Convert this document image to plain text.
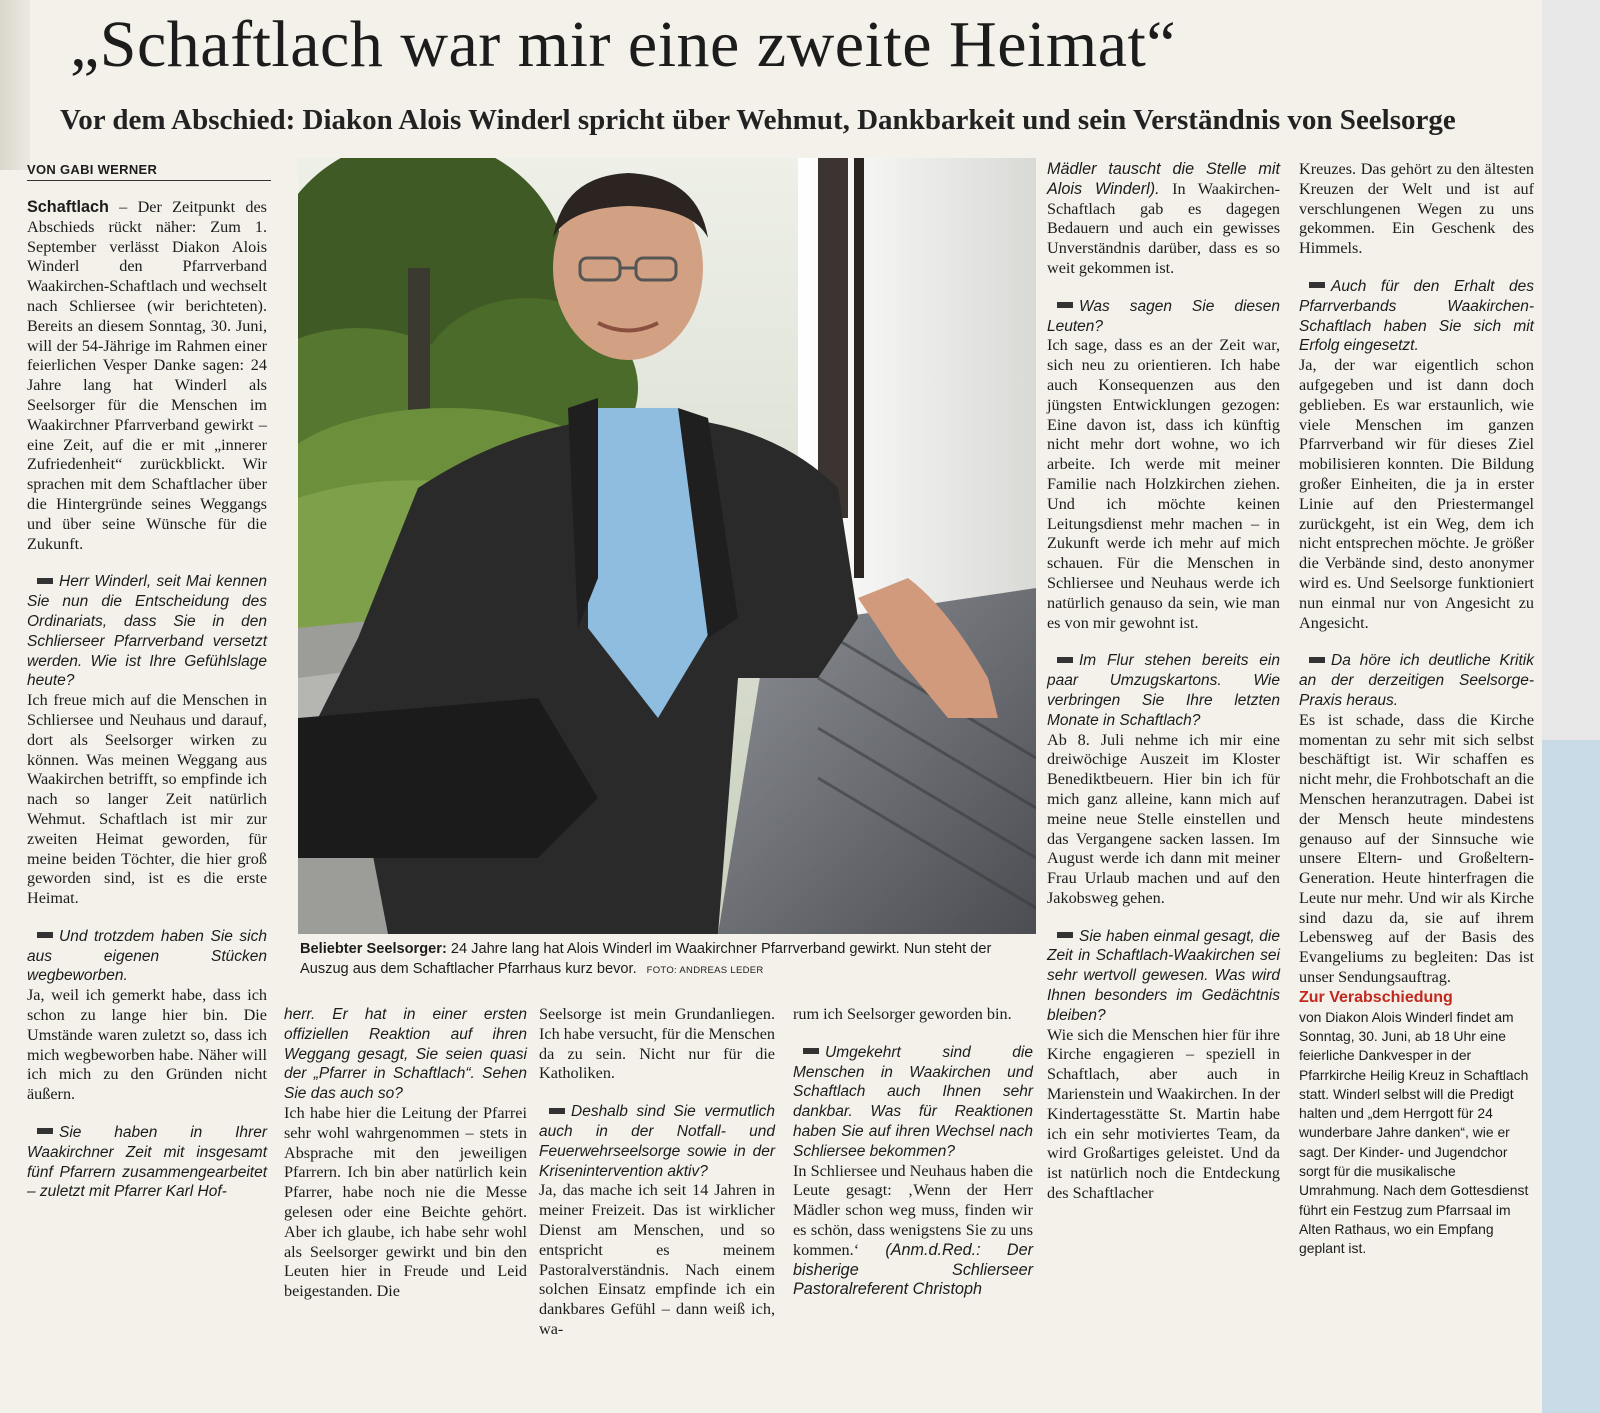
„Schaftlach war mir eine zweite Heimat“
Vor dem Abschied: Diakon Alois Winderl spricht über Wehmut, Dankbarkeit und sein Verständnis von Seelsorge
VON GABI WERNER

Schaftlach – Der Zeitpunkt des Abschieds rückt näher: Zum 1. September verlässt Diakon Alois Winderl den Pfarrverband Waakirchen-Schaftlach und wechselt nach Schliersee (wir berichteten). Bereits an diesem Sonntag, 30. Juni, will der 54-Jährige im Rahmen einer feierlichen Vesper Danke sagen: 24 Jahre lang hat Winderl als Seelsorger für die Menschen im Waakirchner Pfarrverband gewirkt – eine Zeit, auf die er mit „innerer Zufriedenheit“ zurückblickt. Wir sprachen mit dem Schaftlacher über die Hintergründe seines Weggangs und über seine Wünsche für die Zukunft.

Herr Winderl, seit Mai kennen Sie nun die Entscheidung des Ordinariats, dass Sie in den Schlierseer Pfarrverband versetzt werden. Wie ist Ihre Gefühlslage heute?

Ich freue mich auf die Menschen in Schliersee und Neuhaus und darauf, dort als Seelsorger wirken zu können. Was meinen Weggang aus Waakirchen betrifft, so empfinde ich nach so langer Zeit natürlich Wehmut. Schaftlach ist mir zur zweiten Heimat geworden, für meine beiden Töchter, die hier groß geworden sind, ist es die erste Heimat.

Und trotzdem haben Sie sich aus eigenen Stücken wegbeworben.

Ja, weil ich gemerkt habe, dass ich schon zu lange hier bin. Die Umstände waren zuletzt so, dass ich mich wegbeworben habe. Näher will ich mich zu den Gründen nicht äußern.

Sie haben in Ihrer Waakirchner Zeit mit insgesamt fünf Pfarrern zusammengearbeitet – zuletzt mit Pfarrer Karl Hof-

Beliebter Seelsorger: 24 Jahre lang hat Alois Winderl im Waakirchner Pfarrverband gewirkt. Nun steht der Auszug aus dem Schaftlacher Pfarrhaus kurz bevor. FOTO: ANDREAS LEDER

herr. Er hat in einer ersten offiziellen Reaktion auf ihren Weggang gesagt, Sie seien quasi der „Pfarrer in Schaftlach“. Sehen Sie das auch so?

Ich habe hier die Leitung der Pfarrei sehr wohl wahrgenommen – stets in Absprache mit den jeweiligen Pfarrern. Ich bin aber natürlich kein Pfarrer, habe noch nie die Messe gelesen oder eine Beichte gehört. Aber ich glaube, ich habe sehr wohl als Seelsorger gewirkt und bin den Leuten hier in Freude und Leid beigestanden. Die

Seelsorge ist mein Grundanliegen. Ich habe versucht, für die Menschen da zu sein. Nicht nur für die Katholiken.

Deshalb sind Sie vermutlich auch in der Notfall- und Feuerwehrseelsorge sowie in der Krisenintervention aktiv?

Ja, das mache ich seit 14 Jahren in meiner Freizeit. Das ist wirklicher Dienst am Menschen, und so entspricht es meinem Pastoralverständnis. Nach einem solchen Einsatz empfinde ich ein dankbares Gefühl – dann weiß ich, wa-

rum ich Seelsorger geworden bin.

Umgekehrt sind die Menschen in Waakirchen und Schaftlach auch Ihnen sehr dankbar. Was für Reaktionen haben Sie auf ihren Wechsel nach Schliersee bekommen?

In Schliersee und Neuhaus haben die Leute gesagt: ‚Wenn der Herr Mädler schon weg muss, finden wir es schön, dass wenigstens Sie zu uns kommen.‘ (Anm.d.Red.: Der bisherige Schlierseer Pastoralreferent Christoph

Mädler tauscht die Stelle mit Alois Winderl). In Waakirchen-Schaftlach gab es dagegen Bedauern und auch ein gewisses Unverständnis darüber, dass es so weit gekommen ist.

Was sagen Sie diesen Leuten?

Ich sage, dass es an der Zeit war, sich neu zu orientieren. Ich habe auch Konsequenzen aus den jüngsten Entwicklungen gezogen: Eine davon ist, dass ich künftig nicht mehr dort wohne, wo ich arbeite. Ich werde mit meiner Familie nach Holzkirchen ziehen. Und ich möchte keinen Leitungsdienst mehr machen – in Zukunft werde ich mehr auf mich schauen. Für die Menschen in Schliersee und Neuhaus werde ich natürlich genauso da sein, wie man es von mir gewohnt ist.

Im Flur stehen bereits ein paar Umzugskartons. Wie verbringen Sie Ihre letzten Monate in Schaftlach?

Ab 8. Juli nehme ich mir eine dreiwöchige Auszeit im Kloster Benediktbeuern. Hier bin ich für mich ganz alleine, kann mich auf meine neue Stelle einstellen und das Vergangene sacken lassen. Im August werde ich dann mit meiner Frau Urlaub machen und auf den Jakobsweg gehen.

Sie haben einmal gesagt, die Zeit in Schaftlach-Waakirchen sei sehr wertvoll gewesen. Was wird Ihnen besonders im Gedächtnis bleiben?

Wie sich die Menschen hier für ihre Kirche engagieren – speziell in Schaftlach, aber auch in Marienstein und Waakirchen. In der Kindertagesstätte St. Martin habe ich ein sehr motiviertes Team, da wird Großartiges geleistet. Und da ist natürlich noch die Entdeckung des Schaftlacher

Kreuzes. Das gehört zu den ältesten Kreuzen der Welt und ist auf verschlungenen Wegen zu uns gekommen. Ein Geschenk des Himmels.

Auch für den Erhalt des Pfarrverbands Waakirchen-Schaftlach haben Sie sich mit Erfolg eingesetzt.

Ja, der war eigentlich schon aufgegeben und ist dann doch geblieben. Es war erstaunlich, wie viele Menschen im ganzen Pfarrverband wir für dieses Ziel mobilisieren konnten. Die Bildung großer Einheiten, die ja in erster Linie auf den Priestermangel zurückgeht, ist ein Weg, dem ich nicht entsprechen möchte. Je größer die Verbände sind, desto anonymer wird es. Und Seelsorge funktioniert nun einmal nur von Angesicht zu Angesicht.

Da höre ich deutliche Kritik an der derzeitigen Seelsorge-Praxis heraus.

Es ist schade, dass die Kirche momentan zu sehr mit sich selbst beschäftigt ist. Wir schaffen es nicht mehr, die Frohbotschaft an die Menschen heranzutragen. Dabei ist der Mensch heute mindestens genauso auf der Sinnsuche wie unsere Eltern- und Großeltern-Generation. Heute hinterfragen die Leute nur mehr. Und wir als Kirche sind dazu da, sie auf ihrem Lebensweg auf der Basis des Evangeliums zu begleiten: Das ist unser Sendungsauftrag.

Zur Verabschiedung

von Diakon Alois Winderl findet am Sonntag, 30. Juni, ab 18 Uhr eine feierliche Dankvesper in der Pfarrkirche Heilig Kreuz in Schaftlach statt. Winderl selbst will die Predigt halten und „dem Herrgott für 24 wunderbare Jahre danken“, wie er sagt. Der Kinder- und Jugendchor sorgt für die musikalische Umrahmung. Nach dem Gottesdienst führt ein Festzug zum Pfarrsaal im Alten Rathaus, wo ein Empfang geplant ist.
